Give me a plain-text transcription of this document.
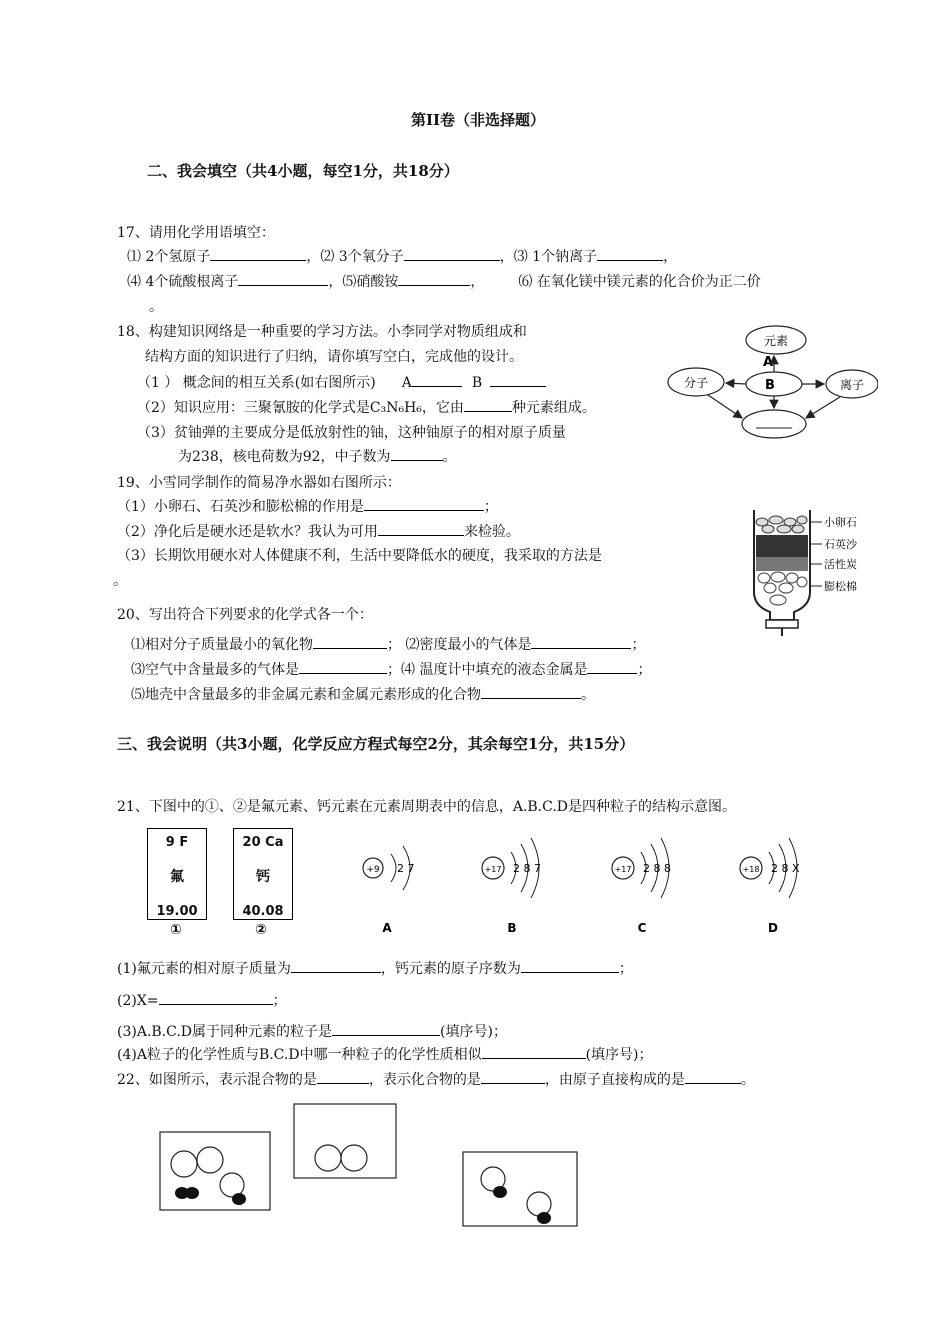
第II卷（非选择题）
二、我会填空（共4小题，每空1分，共18分）
17、请用化学用语填空：
⑴ 2个氢原子	，⑵ 3个氧分子	，⑶ 1个钠离子	，
⑷ 4个硫酸根离子	，⑸硝酸铵	， ⑹ 在氧化镁中镁元素的化合价为正二价
。
18、构建知识网络是一种重要的学习方法。小李同学对物质组成和
结构方面的知识进行了归纳，请你填写空白，完成他的设计。
（1 ） 概念间的相互关系(如右图所示) A	B
（2）知识应用：三聚氰胺的化学式是C₃N₆H₆，它由	种元素组成。
（3）贫铀弹的主要成分是低放射性的铀，这种铀原子的相对原子质量
为238，核电荷数为92，中子数为	。
元素
分子	B
A
离子
19、小雪同学制作的简易净水器如右图所示：
（1）小卵石、石英沙和膨松棉的作用是	；
（2）净化后是硬水还是软水？我认为可用	来检验。
（3）长期饮用硬水对人体健康不利，生活中要降低水的硬度，我采取的方法是
。
小卵石
石英沙
活性炭
膨松棉
20、写出符合下列要求的化学式各一个：
⑴相对分子质量最小的氧化物	； ⑵密度最小的气体是	；
⑶空气中含量最多的气体是	；⑷ 温度计中填充的液态金属是	；
⑸地壳中含量最多的非金属元素和金属元素形成的化合物	。
三、我会说明（共3小题，化学反应方程式每空2分，其余每空1分，共15分）
21、下图中的①、②是氟元素、钙元素在元素周期表中的信息，A.B.C.D是四种粒子的结构示意图。
9 F
氟
19.00
①
20 Ca
钙
40.08
②
+9 2 7
A
+17 2 8 7
B
+17 2 8 8
C
+18 2 8 X
D
(1)氟元素的相对原子质量为	，钙元素的原子序数为	；
(2)X=	；
(3)A.B.C.D属于同种元素的粒子是	(填序号)；
(4)A粒子的化学性质与B.C.D中哪一种粒子的化学性质相似	(填序号)；
22、如图所示，表示混合物的是	，表示化合物的是	，由原子直接构成的是	。
